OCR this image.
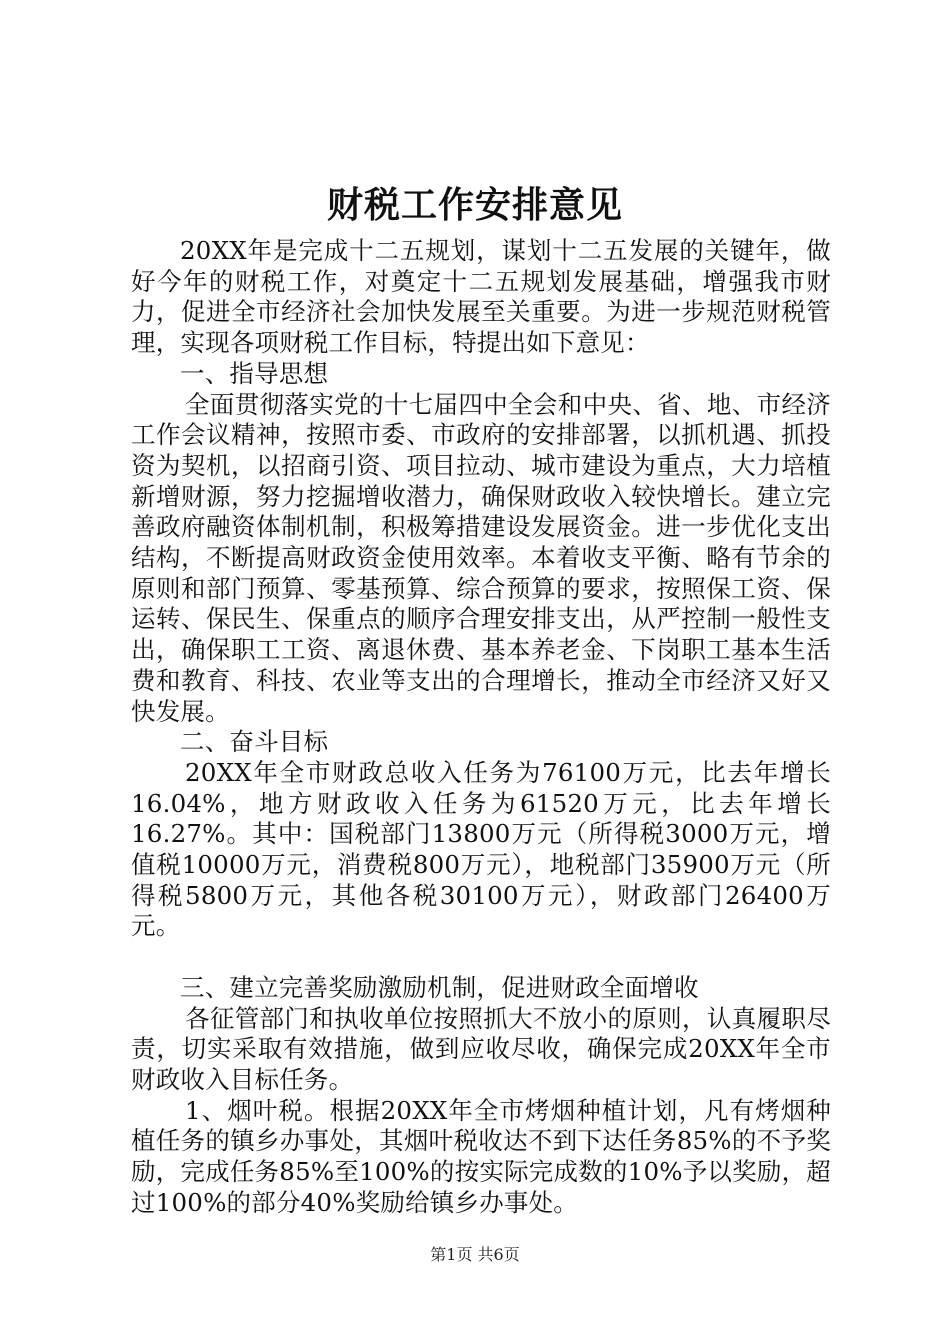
财税工作安排意见

20XX年是完成十二五规划，谋划十二五发展的关键年，做好今年的财税工作，对奠定十二五规划发展基础，增强我市财力，促进全市经济社会加快发展至关重要。为进一步规范财税管理，实现各项财税工作目标，特提出如下意见：

一、指导思想

全面贯彻落实党的十七届四中全会和中央、省、地、市经济工作会议精神，按照市委、市政府的安排部署，以抓机遇、抓投资为契机，以招商引资、项目拉动、城市建设为重点，大力培植新增财源，努力挖掘增收潜力，确保财政收入较快增长。建立完善政府融资体制机制，积极筹措建设发展资金。进一步优化支出结构，不断提高财政资金使用效率。本着收支平衡、略有节余的原则和部门预算、零基预算、综合预算的要求，按照保工资、保运转、保民生、保重点的顺序合理安排支出，从严控制一般性支出，确保职工工资、离退休费、基本养老金、下岗职工基本生活费和教育、科技、农业等支出的合理增长，推动全市经济又好又快发展。

二、奋斗目标

20XX年全市财政总收入任务为76100万元，比去年增长16.04%，地方财政收入任务为61520万元，比去年增长16.27%。其中：国税部门13800万元（所得税3000万元，增值税10000万元，消费税800万元），地税部门35900万元（所得税5800万元，其他各税30100万元），财政部门26400万元。

三、建立完善奖励激励机制，促进财政全面增收

各征管部门和执收单位按照抓大不放小的原则，认真履职尽责，切实采取有效措施，做到应收尽收，确保完成20XX年全市财政收入目标任务。

1、烟叶税。根据20XX年全市烤烟种植计划，凡有烤烟种植任务的镇乡办事处，其烟叶税收达不到下达任务85%的不予奖励，完成任务85%至100%的按实际完成数的10%予以奖励，超过100%的部分40%奖励给镇乡办事处。

第1页 共6页
